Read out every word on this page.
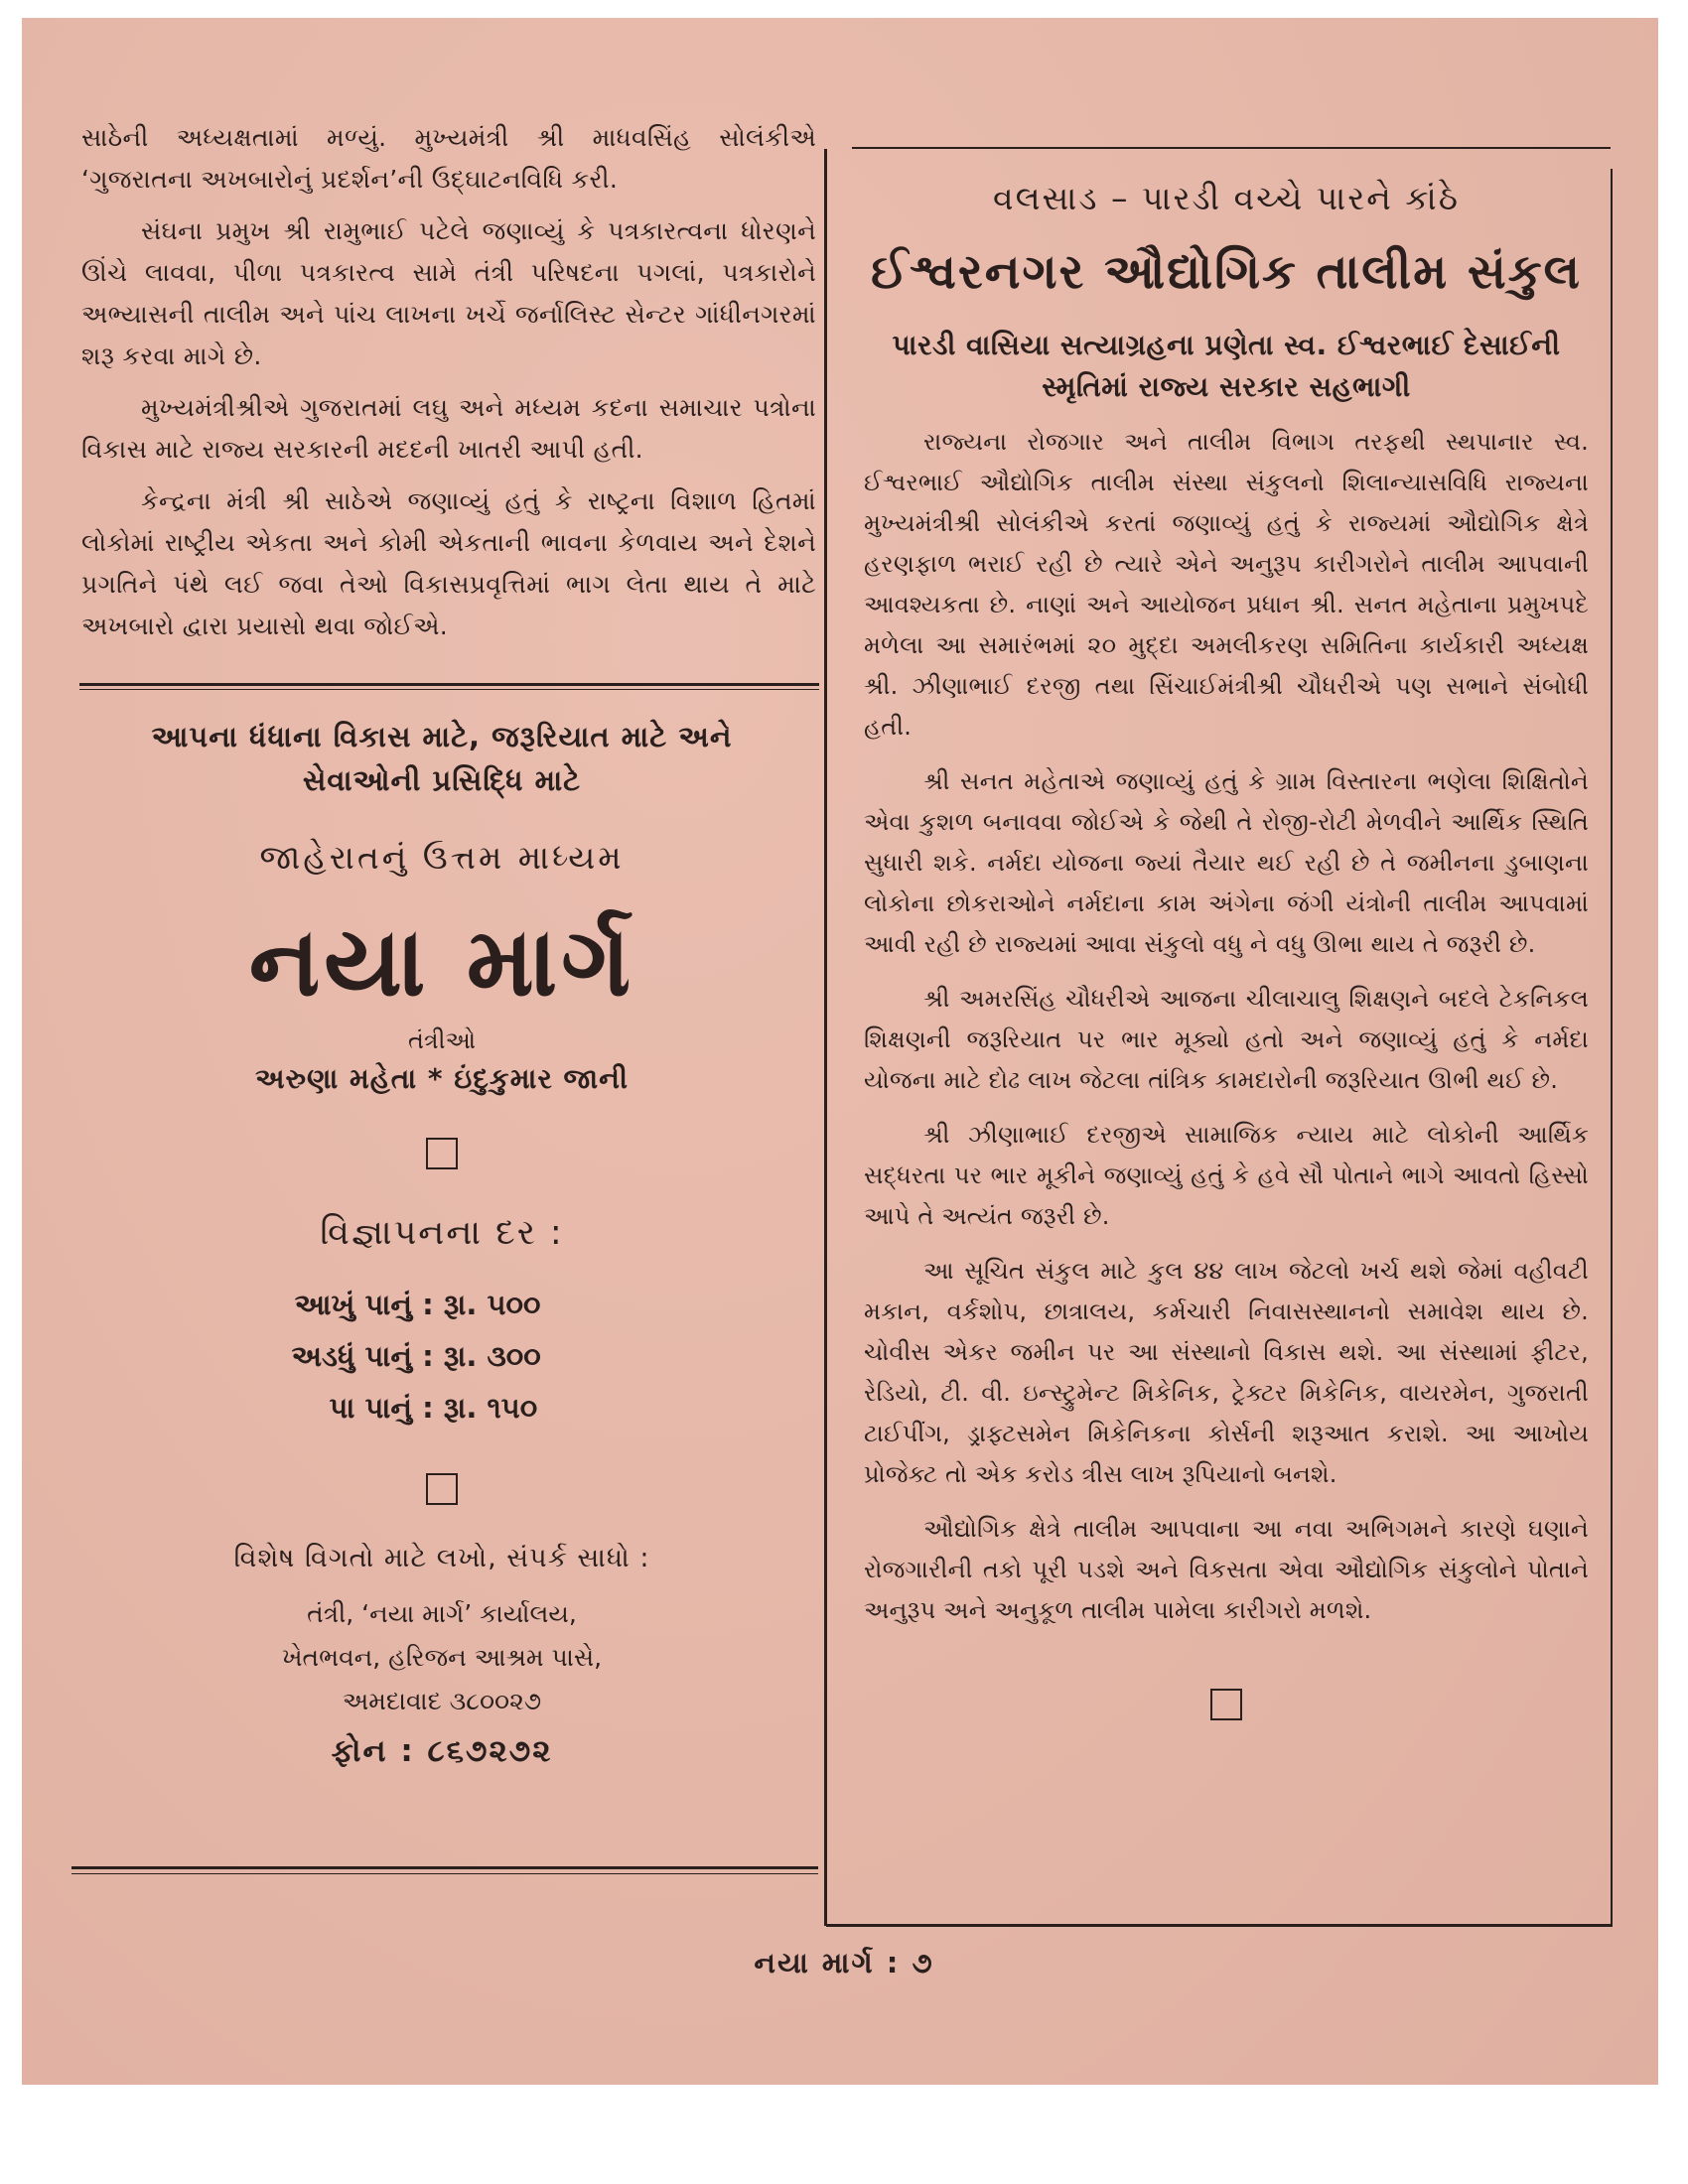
સાઠેની અધ્યક્ષતામાં મળ્યું. મુખ્યમંત્રી શ્રી માધવસિંહ સોલંકીએ ‘ગુજરાતના અખબારોનું પ્રદર્શન’ની ઉદ્ઘાટનવિધિ કરી.

સંઘના પ્રમુખ શ્રી રામુભાઈ પટેલે જણાવ્યું કે પત્રકારત્વના ધોરણને ઊંચે લાવવા, પીળા પત્રકારત્વ સામે તંત્રી પરિષદના પગલાં, પત્રકારોને અભ્યાસની તાલીમ અને પાંચ લાખના ખર્ચે જર્નાલિસ્ટ સેન્ટર ગાંધીનગરમાં શરૂ કરવા માગે છે.

મુખ્યમંત્રીશ્રીએ ગુજરાતમાં લઘુ અને મધ્યમ કદના સમાચાર પત્રોના વિકાસ માટે રાજ્ય સરકારની મદદની ખાતરી આપી હતી.

કેન્દ્રના મંત્રી શ્રી સાઠેએ જણાવ્યું હતું કે રાષ્ટ્રના વિશાળ હિતમાં લોકોમાં રાષ્ટ્રીય એકતા અને કોમી એકતાની ભાવના કેળવાય અને દેશને પ્રગતિને પંથે લઈ જવા તેઓ વિકાસપ્રવૃત્તિમાં ભાગ લેતા થાય તે માટે અખબારો દ્વારા પ્રયાસો થવા જોઈએ.

આપના ધંધાના વિકાસ માટે, જરૂરિયાત માટે અને સેવાઓની પ્રસિદ્ધિ માટે
જાહેરાતનું ઉત્તમ માધ્યમ
નયા માર્ગ
તંત્રીઓ
અરુણા મહેતા * ઇંદુકુમાર જાની
વિજ્ઞાપનના દર :
આખું પાનું : રૂા. ૫૦૦
અડધું પાનું : રૂા. ૩૦૦
પા પાનું : રૂા. ૧૫૦
વિશેષ વિગતો માટે લખો, સંપર્ક સાધો :
તંત્રી, ‘નયા માર્ગ’ કાર્યાલય,
ખેતભવન, હરિજન આશ્રમ પાસે,
અમદાવાદ ૩૮૦૦૨૭
ફોન : ૮૬૭૨૭૨
વલસાડ – પારડી વચ્ચે પારને કાંઠે
ઈશ્વરનગર ઔદ્યોગિક તાલીમ સંકુલ
પારડી વાસિયા સત્યાગ્રહના પ્રણેતા સ્વ. ઈશ્વરભાઈ દેસાઈની સ્મૃતિમાં રાજ્ય સરકાર સહભાગી

રાજ્યના રોજગાર અને તાલીમ વિભાગ તરફથી સ્થપાનાર સ્વ. ઈશ્વરભાઈ ઔદ્યોગિક તાલીમ સંસ્થા સંકુલનો શિલાન્યાસવિધિ રાજ્યના મુખ્યમંત્રીશ્રી સોલંકીએ કરતાં જણાવ્યું હતું કે રાજ્યમાં ઔદ્યોગિક ક્ષેત્રે હરણફાળ ભરાઈ રહી છે ત્યારે એને અનુરૂપ કારીગરોને તાલીમ આપવાની આવશ્યકતા છે. નાણાં અને આયોજન પ્રધાન શ્રી. સનત મહેતાના પ્રમુખપદે મળેલા આ સમારંભમાં ૨૦ મુદ્દા અમલીકરણ સમિતિના કાર્યકારી અધ્યક્ષ શ્રી. ઝીણાભાઈ દરજી તથા સિંચાઈમંત્રીશ્રી ચૌધરીએ પણ સભાને સંબોધી હતી.

શ્રી સનત મહેતાએ જણાવ્યું હતું કે ગ્રામ વિસ્તારના ભણેલા શિક્ષિતોને એવા કુશળ બનાવવા જોઈએ કે જેથી તે રોજી-રોટી મેળવીને આર્થિક સ્થિતિ સુધારી શકે. નર્મદા યોજના જ્યાં તૈયાર થઈ રહી છે તે જમીનના ડુબાણના લોકોના છોકરાઓને નર્મદાના કામ અંગેના જંગી યંત્રોની તાલીમ આપવામાં આવી રહી છે રાજ્યમાં આવા સંકુલો વધુ ને વધુ ઊભા થાય તે જરૂરી છે.

શ્રી અમરસિંહ ચૌધરીએ આજના ચીલાચાલુ શિક્ષણને બદલે ટેકનિકલ શિક્ષણની જરૂરિયાત પર ભાર મૂક્યો હતો અને જણાવ્યું હતું કે નર્મદા યોજના માટે દોઢ લાખ જેટલા તાંત્રિક કામદારોની જરૂરિયાત ઊભી થઈ છે.

શ્રી ઝીણાભાઈ દરજીએ સામાજિક ન્યાય માટે લોકોની આર્થિક સદ્ધરતા પર ભાર મૂકીને જણાવ્યું હતું કે હવે સૌ પોતાને ભાગે આવતો હિસ્સો આપે તે અત્યંત જરૂરી છે.

આ સૂચિત સંકુલ માટે કુલ ૪૪ લાખ જેટલો ખર્ચ થશે જેમાં વહીવટી મકાન, વર્કશોપ, છાત્રાલય, કર્મચારી નિવાસસ્થાનનો સમાવેશ થાય છે. ચોવીસ એકર જમીન પર આ સંસ્થાનો વિકાસ થશે. આ સંસ્થામાં ફીટર, રેડિયો, ટી. વી. ઇન્સ્ટ્રુમેન્ટ મિકેનિક, ટ્રેક્ટર મિકેનિક, વાયરમેન, ગુજરાતી ટાઈપીંગ, ડ્રાફ્ટસમેન મિકેનિકના કોર્સની શરૂઆત કરાશે. આ આખોય પ્રોજેક્ટ તો એક કરોડ ત્રીસ લાખ રૂપિયાનો બનશે.

ઔદ્યોગિક ક્ષેત્રે તાલીમ આપવાના આ નવા અભિગમને કારણે ઘણાને રોજગારીની તકો પૂરી પડશે અને વિકસતા એવા ઔદ્યોગિક સંકુલોને પોતાને અનુરૂપ અને અનુકૂળ તાલીમ પામેલા કારીગરો મળશે.

નયા માર્ગ : ૭
